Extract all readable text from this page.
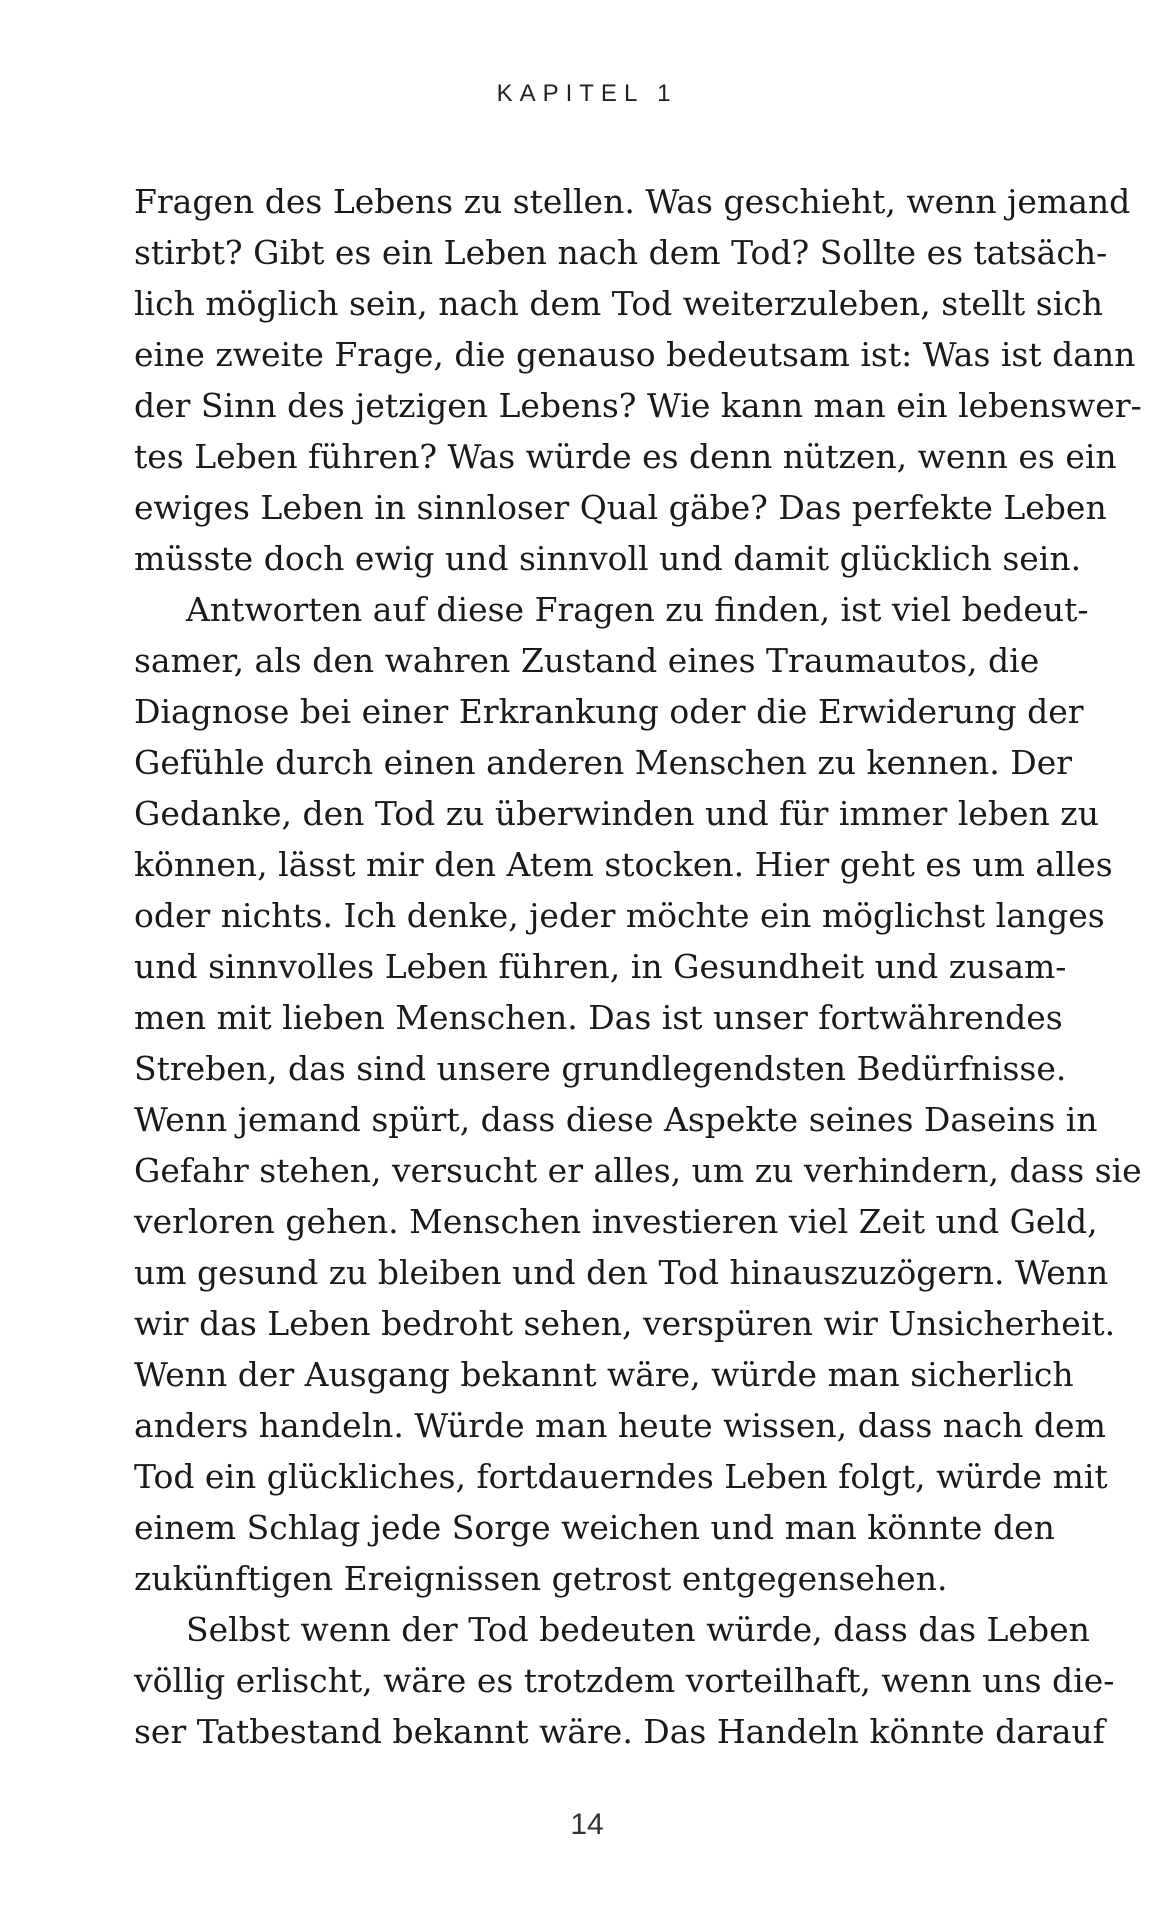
KAPITEL 1
Fragen des Lebens zu stellen. Was geschieht, wenn jemand
stirbt? Gibt es ein Leben nach dem Tod? Sollte es tatsäch-
lich möglich sein, nach dem Tod weiterzuleben, stellt sich
eine zweite Frage, die genauso bedeutsam ist: Was ist dann
der Sinn des jetzigen Lebens? Wie kann man ein lebenswer-
tes Leben führen? Was würde es denn nützen, wenn es ein
ewiges Leben in sinnloser Qual gäbe? Das perfekte Leben
müsste doch ewig und sinnvoll und damit glücklich sein.
Antworten auf diese Fragen zu finden, ist viel bedeut-
samer, als den wahren Zustand eines Traumautos, die
Diagnose bei einer Erkrankung oder die Erwiderung der
Gefühle durch einen anderen Menschen zu kennen. Der
Gedanke, den Tod zu überwinden und für immer leben zu
können, lässt mir den Atem stocken. Hier geht es um alles
oder nichts. Ich denke, jeder möchte ein möglichst langes
und sinnvolles Leben führen, in Gesundheit und zusam-
men mit lieben Menschen. Das ist unser fortwährendes
Streben, das sind unsere grundlegendsten Bedürfnisse.
Wenn jemand spürt, dass diese Aspekte seines Daseins in
Gefahr stehen, versucht er alles, um zu verhindern, dass sie
verloren gehen. Menschen investieren viel Zeit und Geld,
um gesund zu bleiben und den Tod hinauszuzögern. Wenn
wir das Leben bedroht sehen, verspüren wir Unsicherheit.
Wenn der Ausgang bekannt wäre, würde man sicherlich
anders handeln. Würde man heute wissen, dass nach dem
Tod ein glückliches, fortdauerndes Leben folgt, würde mit
einem Schlag jede Sorge weichen und man könnte den
zukünftigen Ereignissen getrost entgegensehen.
Selbst wenn der Tod bedeuten würde, dass das Leben
völlig erlischt, wäre es trotzdem vorteilhaft, wenn uns die-
ser Tatbestand bekannt wäre. Das Handeln könnte darauf
14
